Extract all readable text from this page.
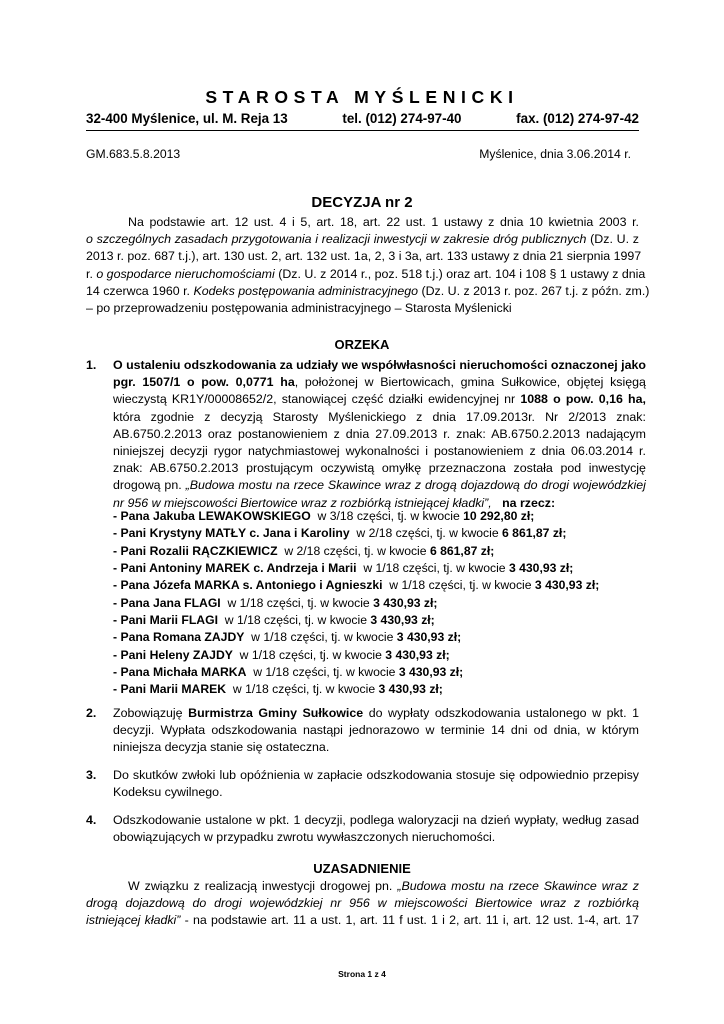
STAROSTA MYŚLENICKI
32-400 Myślenice, ul. M. Reja 13	tel. (012) 274-97-40	fax. (012) 274-97-42
GM.683.5.8.2013	Myślenice, dnia 3.06.2014 r.
DECYZJA nr 2
Na podstawie art. 12 ust. 4 i 5, art. 18, art. 22 ust. 1 ustawy z dnia 10 kwietnia 2003 r.
o szczególnych zasadach przygotowania i realizacji inwestycji w zakresie dróg publicznych (Dz. U. z
2013 r. poz. 687 t.j.), art. 130 ust. 2, art. 132 ust. 1a, 2, 3 i 3a, art. 133 ustawy z dnia 21 sierpnia 1997
r. o gospodarce nieruchomościami (Dz. U. z 2014 r., poz. 518 t.j.) oraz art. 104 i 108 § 1 ustawy z dnia
14 czerwca 1960 r. Kodeks postępowania administracyjnego (Dz. U. z 2013 r. poz. 267 t.j. z późn. zm.)
– po przeprowadzeniu postępowania administracyjnego – Starosta Myślenicki
ORZEKA
1.	O ustaleniu odszkodowania za udziały we współwłasności nieruchomości oznaczonej jako
pgr. 1507/1 o pow. 0,0771 ha, położonej w Biertowicach, gmina Sułkowice, objętej księgą
wieczystą KR1Y/00008652/2, stanowiącej część działki ewidencyjnej nr 1088 o pow. 0,16 ha,
która zgodnie z decyzją Starosty Myślenickiego z dnia 17.09.2013r. Nr 2/2013 znak:
AB.6750.2.2013 oraz postanowieniem z dnia 27.09.2013 r. znak: AB.6750.2.2013 nadającym
niniejszej decyzji rygor natychmiastowej wykonalności i postanowieniem z dnia 06.03.2014 r.
znak: AB.6750.2.2013 prostującym oczywistą omyłkę przeznaczona została pod inwestycję
drogową pn. „Budowa mostu na rzece Skawince wraz z drogą dojazdową do drogi wojewódzkiej
nr 956 w miejscowości Biertowice wraz z rozbiórką istniejącej kładki”, na rzecz:
- Pana Jakuba LEWAKOWSKIEGO w 3/18 części, tj. w kwocie 10 292,80 zł;
- Pani Krystyny MATŁY c. Jana i Karoliny w 2/18 części, tj. w kwocie 6 861,87 zł;
- Pani Rozalii RĄCZKIEWICZ w 2/18 części, tj. w kwocie 6 861,87 zł;
- Pani Antoniny MAREK c. Andrzeja i Marii w 1/18 części, tj. w kwocie 3 430,93 zł;
- Pana Józefa MARKA s. Antoniego i Agnieszki w 1/18 części, tj. w kwocie 3 430,93 zł;
- Pana Jana FLAGI w 1/18 części, tj. w kwocie 3 430,93 zł;
- Pani Marii FLAGI w 1/18 części, tj. w kwocie 3 430,93 zł;
- Pana Romana ZAJDY w 1/18 części, tj. w kwocie 3 430,93 zł;
- Pani Heleny ZAJDY w 1/18 części, tj. w kwocie 3 430,93 zł;
- Pana Michała MARKA w 1/18 części, tj. w kwocie 3 430,93 zł;
- Pani Marii MAREK w 1/18 części, tj. w kwocie 3 430,93 zł;
2.	Zobowiązuję Burmistrza Gminy Sułkowice do wypłaty odszkodowania ustalonego w pkt. 1
decyzji. Wypłata odszkodowania nastąpi jednorazowo w terminie 14 dni od dnia, w którym
niniejsza decyzja stanie się ostateczna.
3.	Do skutków zwłoki lub opóźnienia w zapłacie odszkodowania stosuje się odpowiednio przepisy
Kodeksu cywilnego.
4.	Odszkodowanie ustalone w pkt. 1 decyzji, podlega waloryzacji na dzień wypłaty, według zasad
obowiązujących w przypadku zwrotu wywłaszczonych nieruchomości.
UZASADNIENIE
W związku z realizacją inwestycji drogowej pn. „Budowa mostu na rzece Skawince wraz z
drogą dojazdową do drogi wojewódzkiej nr 956 w miejscowości Biertowice wraz z rozbiórką
istniejącej kładki” - na podstawie art. 11 a ust. 1, art. 11 f ust. 1 i 2, art. 11 i, art. 12 ust. 1-4, art. 17
Strona 1 z 4
